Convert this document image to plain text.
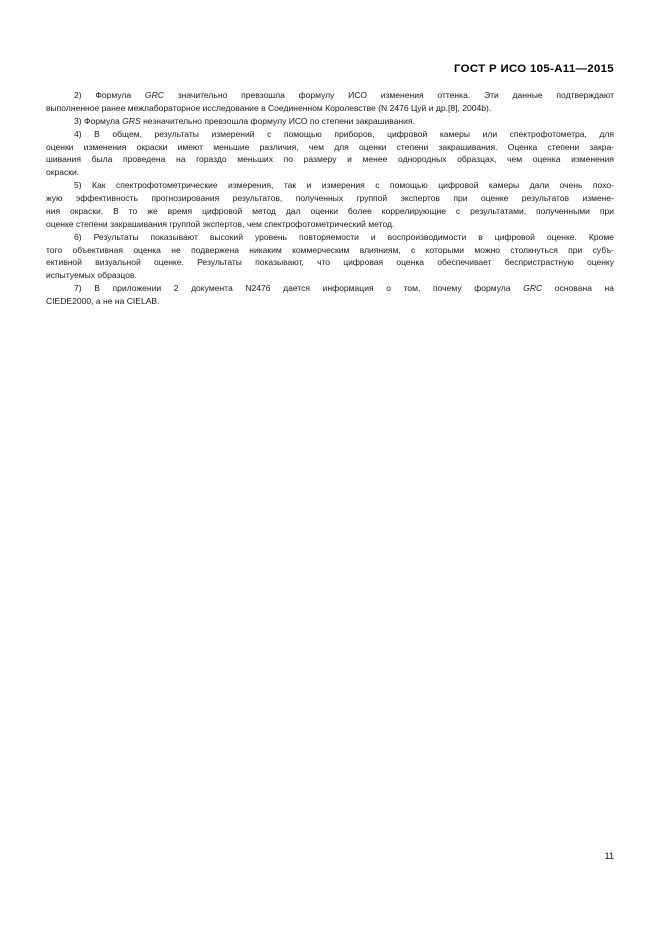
ГОСТ Р ИСО 105-A11—2015
2) Формула GRC значительно превзошла формулу ИСО изменения оттенка. Эти данные подтверждают
выполненное ранее межлабораторное исследование в Соединенном Королевстве (N 2476 Цуй и др.[8], 2004b).
3) Формула GRS незначительно превзошла формулу ИСО по степени закрашивания.
4) В общем, результаты измерений с помощью приборов, цифровой камеры или спектрофотометра, для
оценки изменения окраски имеют меньшие различия, чем для оценки степени закрашивания. Оценка степени закра-
шивания была проведена на гораздо меньших по размеру и менее однородных образцах, чем оценка изменения
окраски.
5) Как спектрофотометрические измерения, так и измерения с помощью цифровой камеры дали очень похо-
жую эффективность прогнозирования результатов, полученных группой экспертов при оценке результатов измене-
ния окраски. В то же время цифровой метод дал оценки более коррелирующие с результатами, полученными при
оценке степени закрашивания группой экспертов, чем спектрофотометрический метод.
6) Результаты показывают высокий уровень повторяемости и воспроизводимости в цифровой оценке. Кроме
того объективная оценка не подвержена никаким коммерческим влияниям, с которыми можно столкнуться при субъ-
ективной визуальной оценке. Результаты показывают, что цифровая оценка обеспечивает беспристрастную оценку
испытуемых образцов.
7) В приложении 2 документа N2476 дается информация о том, почему формула GRC основана на
CIEDE2000, а не на CIELAB.
11
